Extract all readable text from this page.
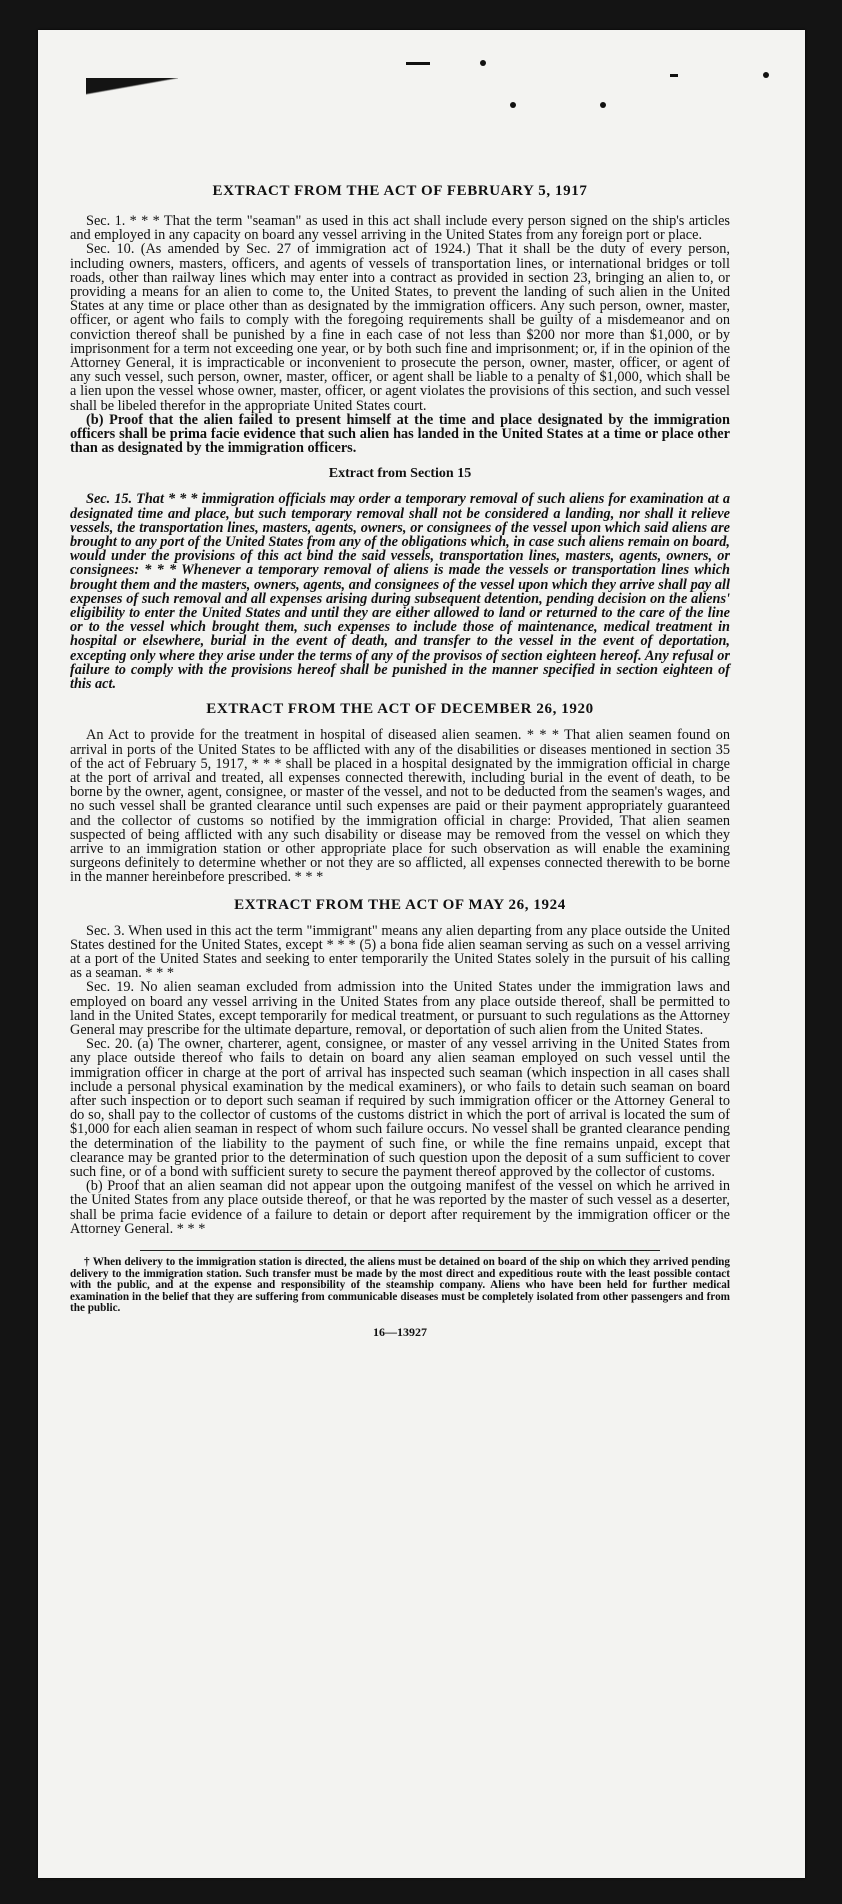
EXTRACT FROM THE ACT OF FEBRUARY 5, 1917

Sec. 1. * * * That the term "seaman" as used in this act shall include every person signed on the ship's articles and employed in any capacity on board any vessel arriving in the United States from any foreign port or place.

Sec. 10. (As amended by Sec. 27 of immigration act of 1924.) That it shall be the duty of every person, including owners, masters, officers, and agents of vessels of transportation lines, or international bridges or toll roads, other than railway lines which may enter into a contract as provided in section 23, bringing an alien to, or providing a means for an alien to come to, the United States, to prevent the landing of such alien in the United States at any time or place other than as designated by the immigration officers. Any such person, owner, master, officer, or agent who fails to comply with the foregoing requirements shall be guilty of a misdemeanor and on conviction thereof shall be punished by a fine in each case of not less than $200 nor more than $1,000, or by imprisonment for a term not exceeding one year, or by both such fine and imprisonment; or, if in the opinion of the Attorney General, it is impracticable or inconvenient to prosecute the person, owner, master, officer, or agent of any such vessel, such person, owner, master, officer, or agent shall be liable to a penalty of $1,000, which shall be a lien upon the vessel whose owner, master, officer, or agent violates the provisions of this section, and such vessel shall be libeled therefor in the appropriate United States court.

(b) Proof that the alien failed to present himself at the time and place designated by the immigration officers shall be prima facie evidence that such alien has landed in the United States at a time or place other than as designated by the immigration officers.

Extract from Section 15

Sec. 15. That * * * immigration officials may order a temporary removal of such aliens for examination at a designated time and place, but such temporary removal shall not be considered a landing, nor shall it relieve vessels, the transportation lines, masters, agents, owners, or consignees of the vessel upon which said aliens are brought to any port of the United States from any of the obligations which, in case such aliens remain on board, would under the provisions of this act bind the said vessels, transportation lines, masters, agents, owners, or consignees: * * * Whenever a temporary removal of aliens is made the vessels or transportation lines which brought them and the masters, owners, agents, and consignees of the vessel upon which they arrive shall pay all expenses of such removal and all expenses arising during subsequent detention, pending decision on the aliens' eligibility to enter the United States and until they are either allowed to land or returned to the care of the line or to the vessel which brought them, such expenses to include those of maintenance, medical treatment in hospital or elsewhere, burial in the event of death, and transfer to the vessel in the event of deportation, excepting only where they arise under the terms of any of the provisos of section eighteen hereof. Any refusal or failure to comply with the provisions hereof shall be punished in the manner specified in section eighteen of this act.

EXTRACT FROM THE ACT OF DECEMBER 26, 1920

An Act to provide for the treatment in hospital of diseased alien seamen. * * * That alien seamen found on arrival in ports of the United States to be afflicted with any of the disabilities or diseases mentioned in section 35 of the act of February 5, 1917, * * * shall be placed in a hospital designated by the immigration official in charge at the port of arrival and treated, all expenses connected therewith, including burial in the event of death, to be borne by the owner, agent, consignee, or master of the vessel, and not to be deducted from the seamen's wages, and no such vessel shall be granted clearance until such expenses are paid or their payment appropriately guaranteed and the collector of customs so notified by the immigration official in charge: Provided, That alien seamen suspected of being afflicted with any such disability or disease may be removed from the vessel on which they arrive to an immigration station or other appropriate place for such observation as will enable the examining surgeons definitely to determine whether or not they are so afflicted, all expenses connected therewith to be borne in the manner hereinbefore prescribed. * * *

EXTRACT FROM THE ACT OF MAY 26, 1924

Sec. 3. When used in this act the term "immigrant" means any alien departing from any place outside the United States destined for the United States, except * * * (5) a bona fide alien seaman serving as such on a vessel arriving at a port of the United States and seeking to enter temporarily the United States solely in the pursuit of his calling as a seaman. * * *

Sec. 19. No alien seaman excluded from admission into the United States under the immigration laws and employed on board any vessel arriving in the United States from any place outside thereof, shall be permitted to land in the United States, except temporarily for medical treatment, or pursuant to such regulations as the Attorney General may prescribe for the ultimate departure, removal, or deportation of such alien from the United States.

Sec. 20. (a) The owner, charterer, agent, consignee, or master of any vessel arriving in the United States from any place outside thereof who fails to detain on board any alien seaman employed on such vessel until the immigration officer in charge at the port of arrival has inspected such seaman (which inspection in all cases shall include a personal physical examination by the medical examiners), or who fails to detain such seaman on board after such inspection or to deport such seaman if required by such immigration officer or the Attorney General to do so, shall pay to the collector of customs of the customs district in which the port of arrival is located the sum of $1,000 for each alien seaman in respect of whom such failure occurs. No vessel shall be granted clearance pending the determination of the liability to the payment of such fine, or while the fine remains unpaid, except that clearance may be granted prior to the determination of such question upon the deposit of a sum sufficient to cover such fine, or of a bond with sufficient surety to secure the payment thereof approved by the collector of customs.

(b) Proof that an alien seaman did not appear upon the outgoing manifest of the vessel on which he arrived in the United States from any place outside thereof, or that he was reported by the master of such vessel as a deserter, shall be prima facie evidence of a failure to detain or deport after requirement by the immigration officer or the Attorney General. * * *

† When delivery to the immigration station is directed, the aliens must be detained on board of the ship on which they arrived pending delivery to the immigration station. Such transfer must be made by the most direct and expeditious route with the least possible contact with the public, and at the expense and responsibility of the steamship company. Aliens who have been held for further medical examination in the belief that they are suffering from communicable diseases must be completely isolated from other passengers and from the public.

16—13927
